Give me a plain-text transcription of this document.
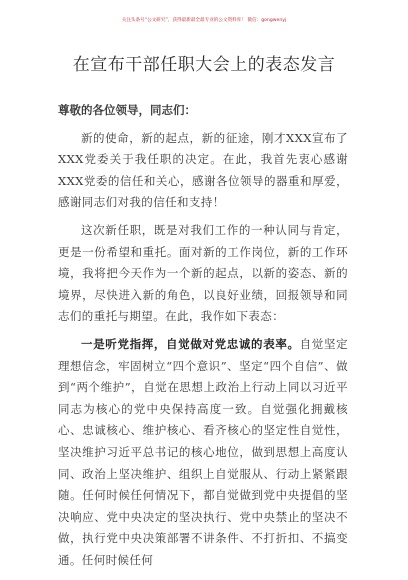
关注头条号“公文研究”，获得最新最全最专业的公文资料库！ 微信：gongwenyj
在宣布干部任职大会上的表态发言

尊敬的各位领导，同志们：

新的使命，新的起点，新的征途，刚才XXX宣布了XXX党委关于我任职的决定。在此，我首先衷心感谢XXX党委的信任和关心，感谢各位领导的器重和厚爱，感谢同志们对我的信任和支持！

这次新任职，既是对我们工作的一种认同与肯定，更是一份希望和重托。面对新的工作岗位，新的工作环境，我将把今天作为一个新的起点，以新的姿态、新的境界，尽快进入新的角色，以良好业绩，回报领导和同志们的重托与期望。在此，我作如下表态：

一是听党指挥，自觉做对党忠诚的表率。自觉坚定理想信念，牢固树立“四个意识”、坚定“四个自信”、做到“两个维护”，自觉在思想上政治上行动上同以习近平同志为核心的党中央保持高度一致。自觉强化拥戴核心、忠诚核心、维护核心、看齐核心的坚定性自觉性，坚决维护习近平总书记的核心地位，做到思想上高度认同、政治上坚决维护、组织上自觉服从、行动上紧紧跟随。任何时候任何情况下，都自觉做到党中央提倡的坚决响应、党中央决定的坚决执行、党中央禁止的坚决不做，执行党中央决策部署不讲条件、不打折扣、不搞变通。任何时候任何
